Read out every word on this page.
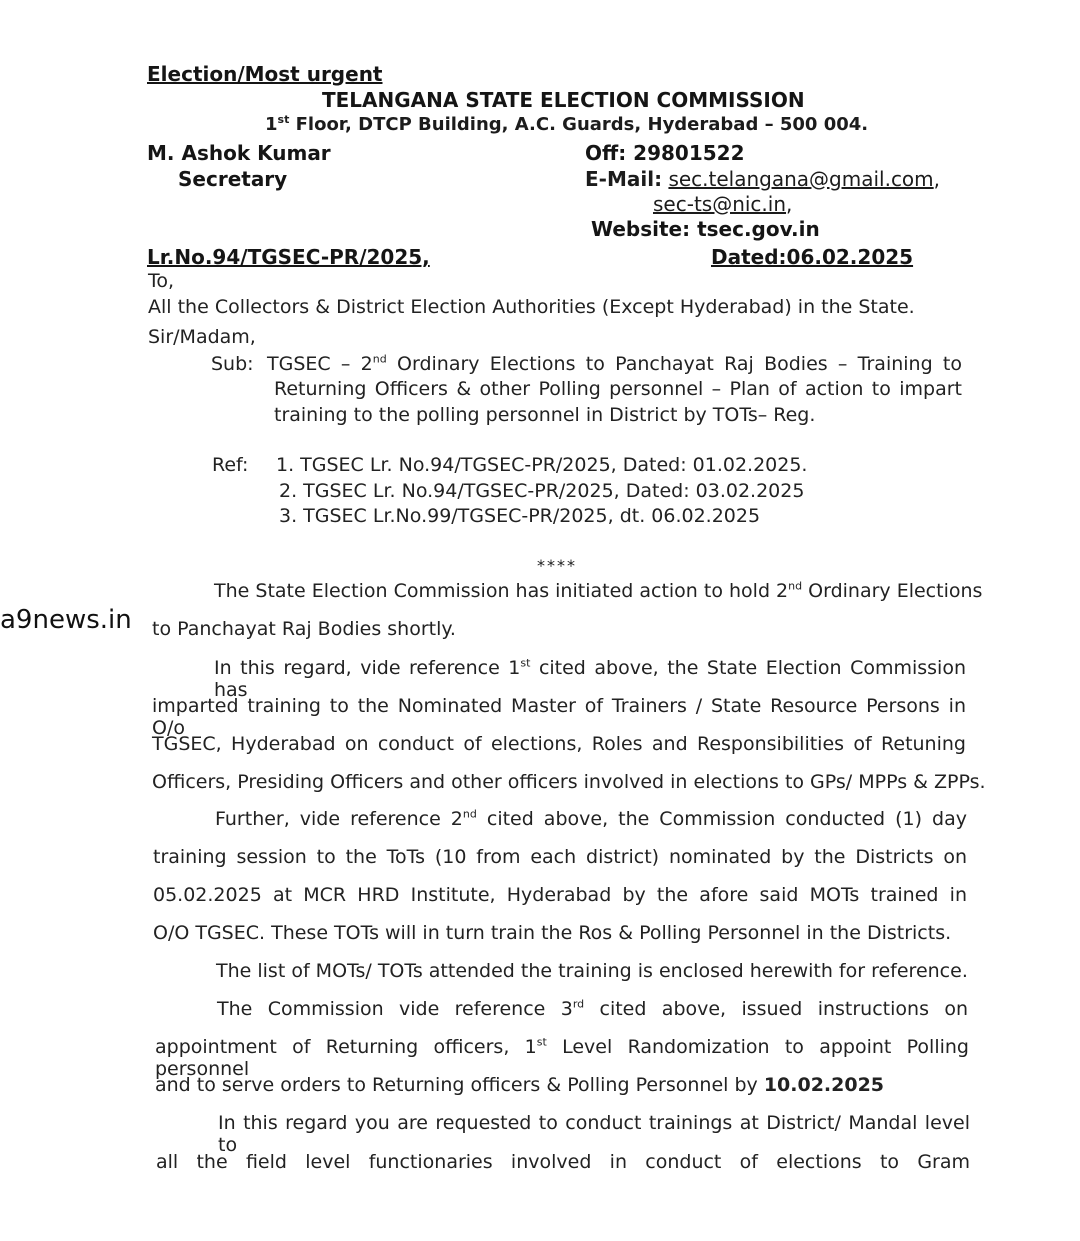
Election/Most urgent
TELANGANA STATE ELECTION COMMISSION
1st Floor, DTCP Building, A.C. Guards, Hyderabad – 500 004.
M. Ashok Kumar
Secretary
Off: 29801522
E-Mail: sec.telangana@gmail.com,
sec-ts@nic.in,
Website: tsec.gov.in
Lr.No.94/TGSEC-PR/2025,	Dated:06.02.2025
To,
All the Collectors & District Election Authorities (Except Hyderabad) in the State.
Sir/Madam,
Sub: TGSEC – 2nd Ordinary Elections to Panchayat Raj Bodies – Training to
Returning Officers & other Polling personnel – Plan of action to impart
training to the polling personnel in District by TOTs– Reg.
Ref: 1. TGSEC Lr. No.94/TGSEC-PR/2025, Dated: 01.02.2025.
2. TGSEC Lr. No.94/TGSEC-PR/2025, Dated: 03.02.2025
3. TGSEC Lr.No.99/TGSEC-PR/2025, dt. 06.02.2025
****
The State Election Commission has initiated action to hold 2nd Ordinary Elections
to Panchayat Raj Bodies shortly.
a9news.in
In this regard, vide reference 1st cited above, the State Election Commission has
imparted training to the Nominated Master of Trainers / State Resource Persons in O/o
TGSEC, Hyderabad on conduct of elections, Roles and Responsibilities of Retuning
Officers, Presiding Officers and other officers involved in elections to GPs/ MPPs & ZPPs.
Further, vide reference 2nd cited above, the Commission conducted (1) day
training session to the ToTs (10 from each district) nominated by the Districts on
05.02.2025 at MCR HRD Institute, Hyderabad by the afore said MOTs trained in
O/O TGSEC. These TOTs will in turn train the Ros & Polling Personnel in the Districts.
The list of MOTs/ TOTs attended the training is enclosed herewith for reference.
The Commission vide reference 3rd cited above, issued instructions on
appointment of Returning officers, 1st Level Randomization to appoint Polling personnel
and to serve orders to Returning officers & Polling Personnel by 10.02.2025
In this regard you are requested to conduct trainings at District/ Mandal level to
all the field level functionaries involved in conduct of elections to Gram
